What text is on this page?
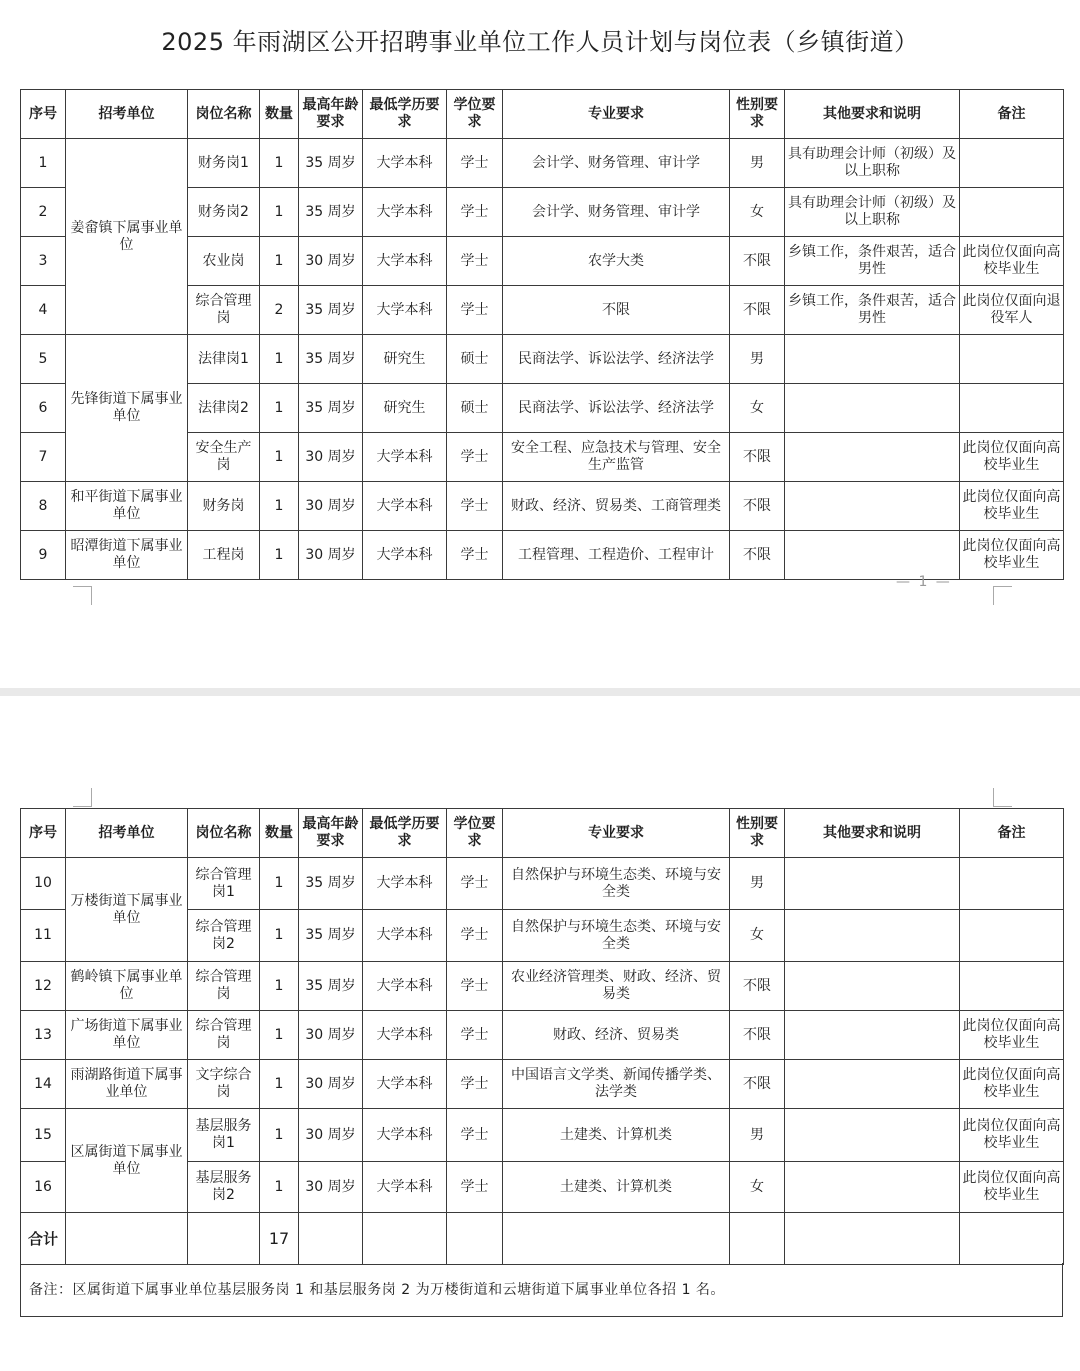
2025 年雨湖区公开招聘事业单位工作人员计划与岗位表（乡镇街道）
序号	招考单位	岗位名称	数量	最高年龄要求	最低学历要求	学位要求	专业要求	性别要求	其他要求和说明	备注
1	姜畲镇下属事业单位	财务岗1	1	35 周岁	大学本科	学士	会计学、财务管理、审计学	男	具有助理会计师（初级）及以上职称	
2		财务岗2	1	35 周岁	大学本科	学士	会计学、财务管理、审计学	女	具有助理会计师（初级）及以上职称	
3		农业岗	1	30 周岁	大学本科	学士	农学大类	不限	乡镇工作，条件艰苦，适合男性	此岗位仅面向高校毕业生
4		综合管理岗	2	35 周岁	大学本科	学士	不限	不限	乡镇工作，条件艰苦，适合男性	此岗位仅面向退役军人
5	先锋街道下属事业单位	法律岗1	1	35 周岁	研究生	硕士	民商法学、诉讼法学、经济法学	男		
6		法律岗2	1	35 周岁	研究生	硕士	民商法学、诉讼法学、经济法学	女		
7		安全生产岗	1	30 周岁	大学本科	学士	安全工程、应急技术与管理、安全生产监管	不限		此岗位仅面向高校毕业生
8	和平街道下属事业单位	财务岗	1	30 周岁	大学本科	学士	财政、经济、贸易类、工商管理类	不限		此岗位仅面向高校毕业生
9	昭潭街道下属事业单位	工程岗	1	30 周岁	大学本科	学士	工程管理、工程造价、工程审计	不限		此岗位仅面向高校毕业生
— 1 —
序号	招考单位	岗位名称	数量	最高年龄要求	最低学历要求	学位要求	专业要求	性别要求	其他要求和说明	备注
10	万楼街道下属事业单位	综合管理岗1	1	35 周岁	大学本科	学士	自然保护与环境生态类、环境与安全类	男		
11		综合管理岗2	1	35 周岁	大学本科	学士	自然保护与环境生态类、环境与安全类	女		
12	鹤岭镇下属事业单位	综合管理岗	1	35 周岁	大学本科	学士	农业经济管理类、财政、经济、贸易类	不限		
13	广场街道下属事业单位	综合管理岗	1	30 周岁	大学本科	学士	财政、经济、贸易类	不限		此岗位仅面向高校毕业生
14	雨湖路街道下属事业单位	文字综合岗	1	30 周岁	大学本科	学士	中国语言文学类、新闻传播学类、法学类	不限		此岗位仅面向高校毕业生
15	区属街道下属事业单位	基层服务岗1	1	30 周岁	大学本科	学士	土建类、计算机类	男		此岗位仅面向高校毕业生
16		基层服务岗2	1	30 周岁	大学本科	学士	土建类、计算机类	女		此岗位仅面向高校毕业生
合计			17							
备注：区属街道下属事业单位基层服务岗 1 和基层服务岗 2 为万楼街道和云塘街道下属事业单位各招 1 名。
